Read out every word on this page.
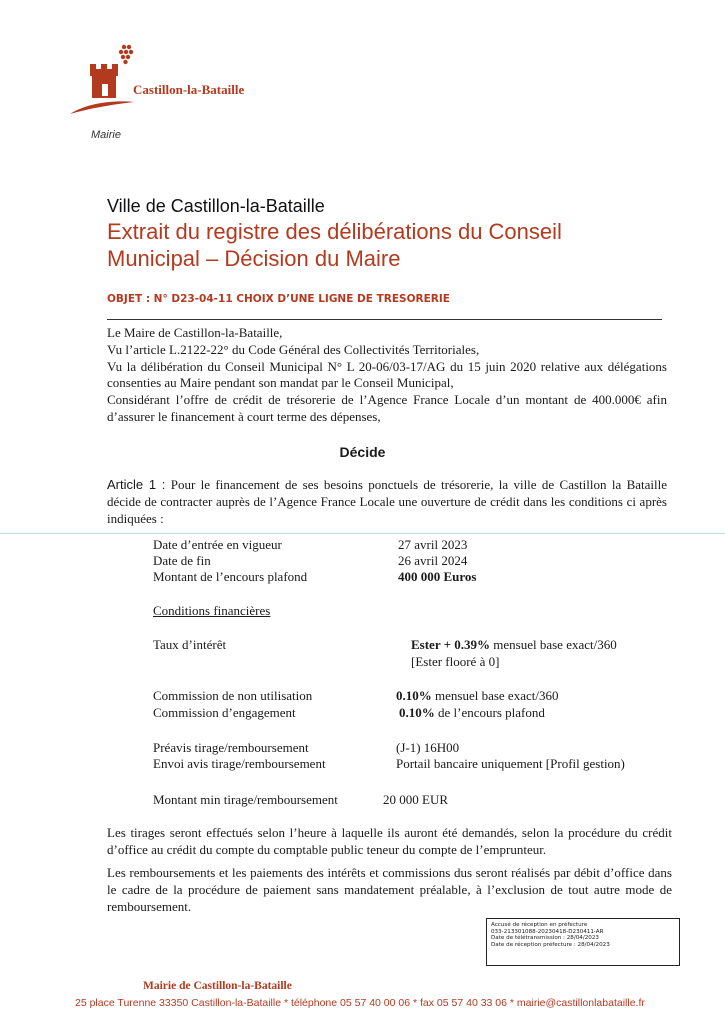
Castillon-la-Bataille
Mairie
Ville de Castillon-la-Bataille
Extrait du registre des délibérations du Conseil
Municipal – Décision du Maire
OBJET : N° D23-04-11 CHOIX D’UNE LIGNE DE TRESORERIE

Le Maire de Castillon-la-Bataille,

Vu l’article L.2122-22° du Code Général des Collectivités Territoriales,

Vu la délibération du Conseil Municipal N° L 20-06/03-17/AG du 15 juin 2020 relative aux délégations consenties au Maire pendant son mandat par le Conseil Municipal,

Considérant l’offre de crédit de trésorerie de l’Agence France Locale d’un montant de 400.000€ afin d’assurer le financement à court terme des dépenses,

Décide
Article 1 : Pour le financement de ses besoins ponctuels de trésorerie, la ville de Castillon la Bataille décide de contracter auprès de l’Agence France Locale une ouverture de crédit dans les conditions ci après indiquées :
Date d’entrée en vigueur	27 avril 2023
Date de fin	26 avril 2024
Montant de l’encours plafond	400 000 Euros
Conditions financières
Taux d’intérêt	Ester + 0.39% mensuel base exact/360
[Ester flooré à 0]
Commission de non utilisation	0.10% mensuel base exact/360
Commission d’engagement	0.10% de l’encours plafond
Préavis tirage/remboursement	(J-1) 16H00
Envoi avis tirage/remboursement	Portail bancaire uniquement [Profil gestion)
Montant min tirage/remboursement	20 000 EUR
Les tirages seront effectués selon l’heure à laquelle ils auront été demandés, selon la procédure du crédit d’office au crédit du compte du comptable public teneur du compte de l’emprunteur.
Les remboursements et les paiements des intérêts et commissions dus seront réalisés par débit d’office dans le cadre de la procédure de paiement sans mandatement préalable, à l’exclusion de tout autre mode de remboursement.
Accusé de réception en préfecture
033-213301088-20230418-D230411-AR
Date de télétransmission : 28/04/2023
Date de réception préfecture : 28/04/2023
Mairie de Castillon-la-Bataille
25 place Turenne 33350 Castillon-la-Bataille * téléphone 05 57 40 00 06 * fax 05 57 40 33 06 * mairie@castillonlabataille.fr
